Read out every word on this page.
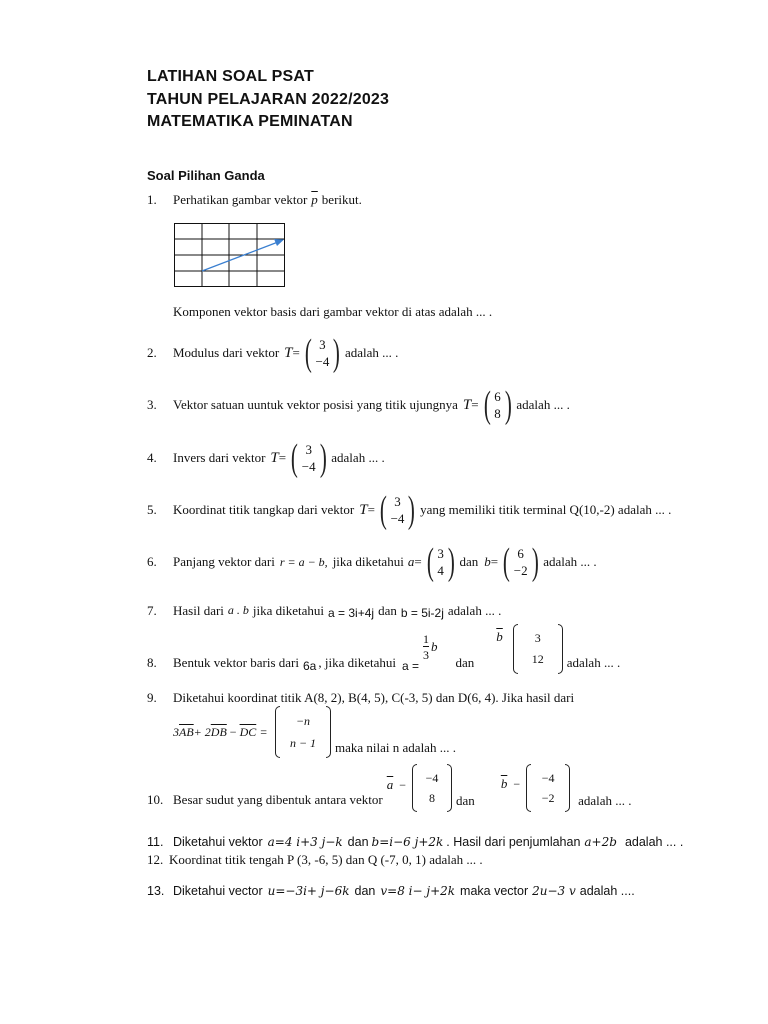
LATIHAN SOAL PSAT
TAHUN PELAJARAN 2022/2023
MATEMATIKA PEMINATAN
Soal Pilihan Ganda
1.	Perhatikan gambar vektor $\overline{p}$ berikut.
Komponen vektor basis dari gambar vektor di atas adalah ... .
2.	Modulus dari vektor T = ( 3
−4 ) adalah ... .
3.	Vektor satuan uuntuk vektor posisi yang titik ujungnya T = ( 6
8 ) adalah ... .
4.	Invers dari vektor T = ( 3
−4 ) adalah ... .
5.	Koordinat titik tangkap dari vektor T = ( 3
−4 ) yang memiliki titik terminal Q(10,-2) adalah ... .
6.	Panjang vektor dari r = a − b, jika diketahui a = ( 3
4 ) dan b = ( 6
−2 ) adalah ... .
7.	Hasil dari a . b jika diketahui a = 3i+4j dan b = 5i-2j adalah ... .
8.	Bentuk vektor baris dari 6a , jika diketahui a =
$\frac{1}{3}$ b
dan
$\overline{b}$	3
12 adalah ... .
9.	Diketahui koordinat titik A(8, 2), B(4, 5), C(-3, 5) dan D(6, 4). Jika hasil dari
3 $\overline{AB} + 2$ $\overline{DB} - \overline{DC}$ =
−n
n − 1 maka nilai n adalah ... .
10. Besar sudut yang dibentuk antara vektor
$\overline{a} - -4$
8 dan
$\overline{b} - -4$
−2 adalah ... .
11. Diketahui vektor a=4 i+3 j−k dan b=i−6 j+2k . Hasil dari penjumlahan a+2b adalah ... .
12. Koordinat titik tengah P (3, -6, 5) dan Q (-7, 0, 1) adalah ... .
13. Diketahui vector u=−3i+ j−6k dan v=8 i− j+2k maka vector 2u−3 v adalah ....
